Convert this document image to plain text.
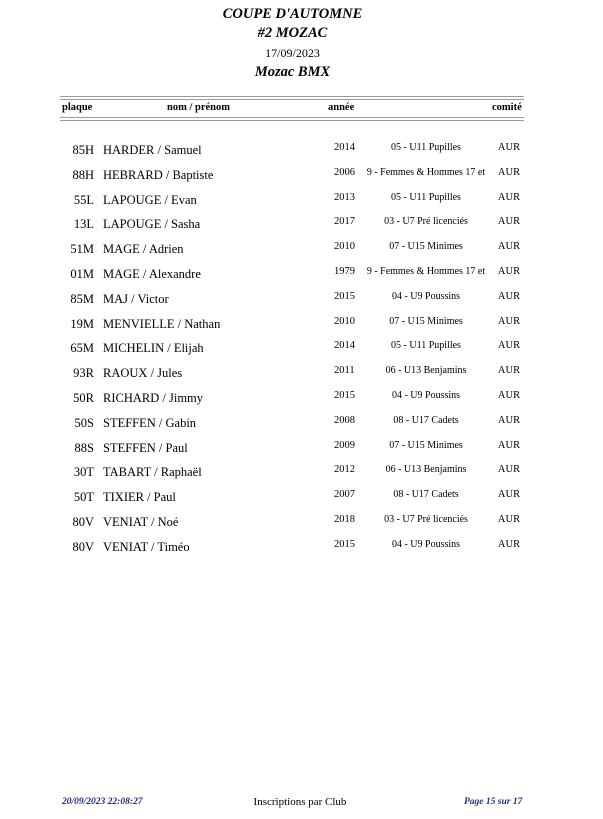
COUPE D'AUTOMNE
#2 MOZAC
17/09/2023
Mozac BMX
plaque	nom / prénom	année	comité
85H HARDER / Samuel	2014	05 - U11 Pupilles	AUR
88H HEBRARD / Baptiste	2006	9 - Femmes & Hommes 17 et	AUR
55L LAPOUGE / Evan	2013	05 - U11 Pupilles	AUR
13L LAPOUGE / Sasha	2017	03 - U7 Pré licenciés	AUR
51M MAGE / Adrien	2010	07 - U15 Minimes	AUR
01M MAGE / Alexandre	1979	9 - Femmes & Hommes 17 et	AUR
85M MAJ / Victor	2015	04 - U9 Poussins	AUR
19M MENVIELLE / Nathan	2010	07 - U15 Minimes	AUR
65M MICHELIN / Elijah	2014	05 - U11 Pupilles	AUR
93R RAOUX / Jules	2011	06 - U13 Benjamins	AUR
50R RICHARD / Jimmy	2015	04 - U9 Poussins	AUR
50S STEFFEN / Gabin	2008	08 - U17 Cadets	AUR
88S STEFFEN / Paul	2009	07 - U15 Minimes	AUR
30T TABART / Raphaël	2012	06 - U13 Benjamins	AUR
50T TIXIER / Paul	2007	08 - U17 Cadets	AUR
80V VENIAT / Noé	2018	03 - U7 Pré licenciés	AUR
80V VENIAT / Timéo	2015	04 - U9 Poussins	AUR
20/09/2023 22:08:27	Inscriptions par Club	Page 15 sur 17
